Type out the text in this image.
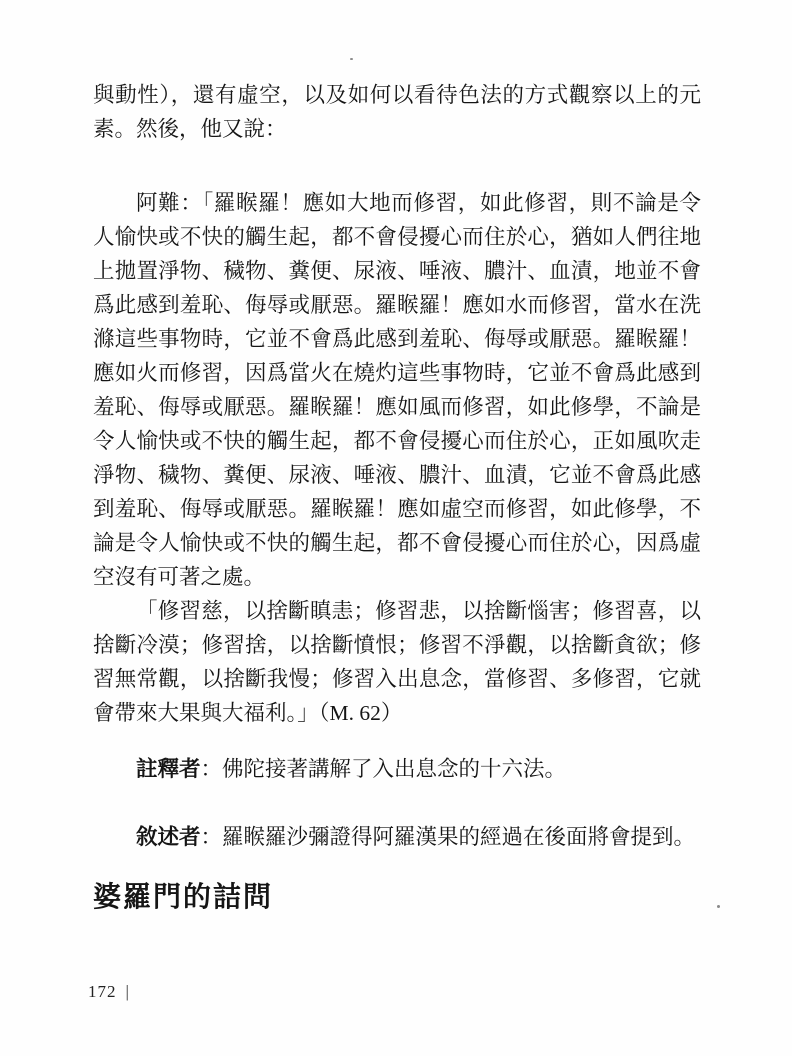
與動性），還有虛空，以及如何以看待色法的方式觀察以上的元
素。然後，他又說：
阿難：「羅睺羅！應如大地而修習，如此修習，則不論是令
人愉快或不快的觸生起，都不會侵擾心而住於心，猶如人們往地
上拋置淨物、穢物、糞便、尿液、唾液、膿汁、血漬，地並不會
爲此感到羞恥、侮辱或厭惡。羅睺羅！應如水而修習，當水在洗
滌這些事物時，它並不會爲此感到羞恥、侮辱或厭惡。羅睺羅！
應如火而修習，因爲當火在燒灼這些事物時，它並不會爲此感到
羞恥、侮辱或厭惡。羅睺羅！應如風而修習，如此修學，不論是
令人愉快或不快的觸生起，都不會侵擾心而住於心，正如風吹走
淨物、穢物、糞便、尿液、唾液、膿汁、血漬，它並不會爲此感
到羞恥、侮辱或厭惡。羅睺羅！應如虛空而修習，如此修學，不
論是令人愉快或不快的觸生起，都不會侵擾心而住於心，因爲虛
空沒有可著之處。
「修習慈，以捨斷瞋恚；修習悲，以捨斷惱害；修習喜，以
捨斷冷漠；修習捨，以捨斷憤恨；修習不淨觀，以捨斷貪欲；修
習無常觀，以捨斷我慢；修習入出息念，當修習、多修習，它就
會帶來大果與大福利。」（M. 62）
註釋者：佛陀接著講解了入出息念的十六法。
敘述者：羅睺羅沙彌證得阿羅漢果的經過在後面將會提到。
婆羅門的詰問
172 |
